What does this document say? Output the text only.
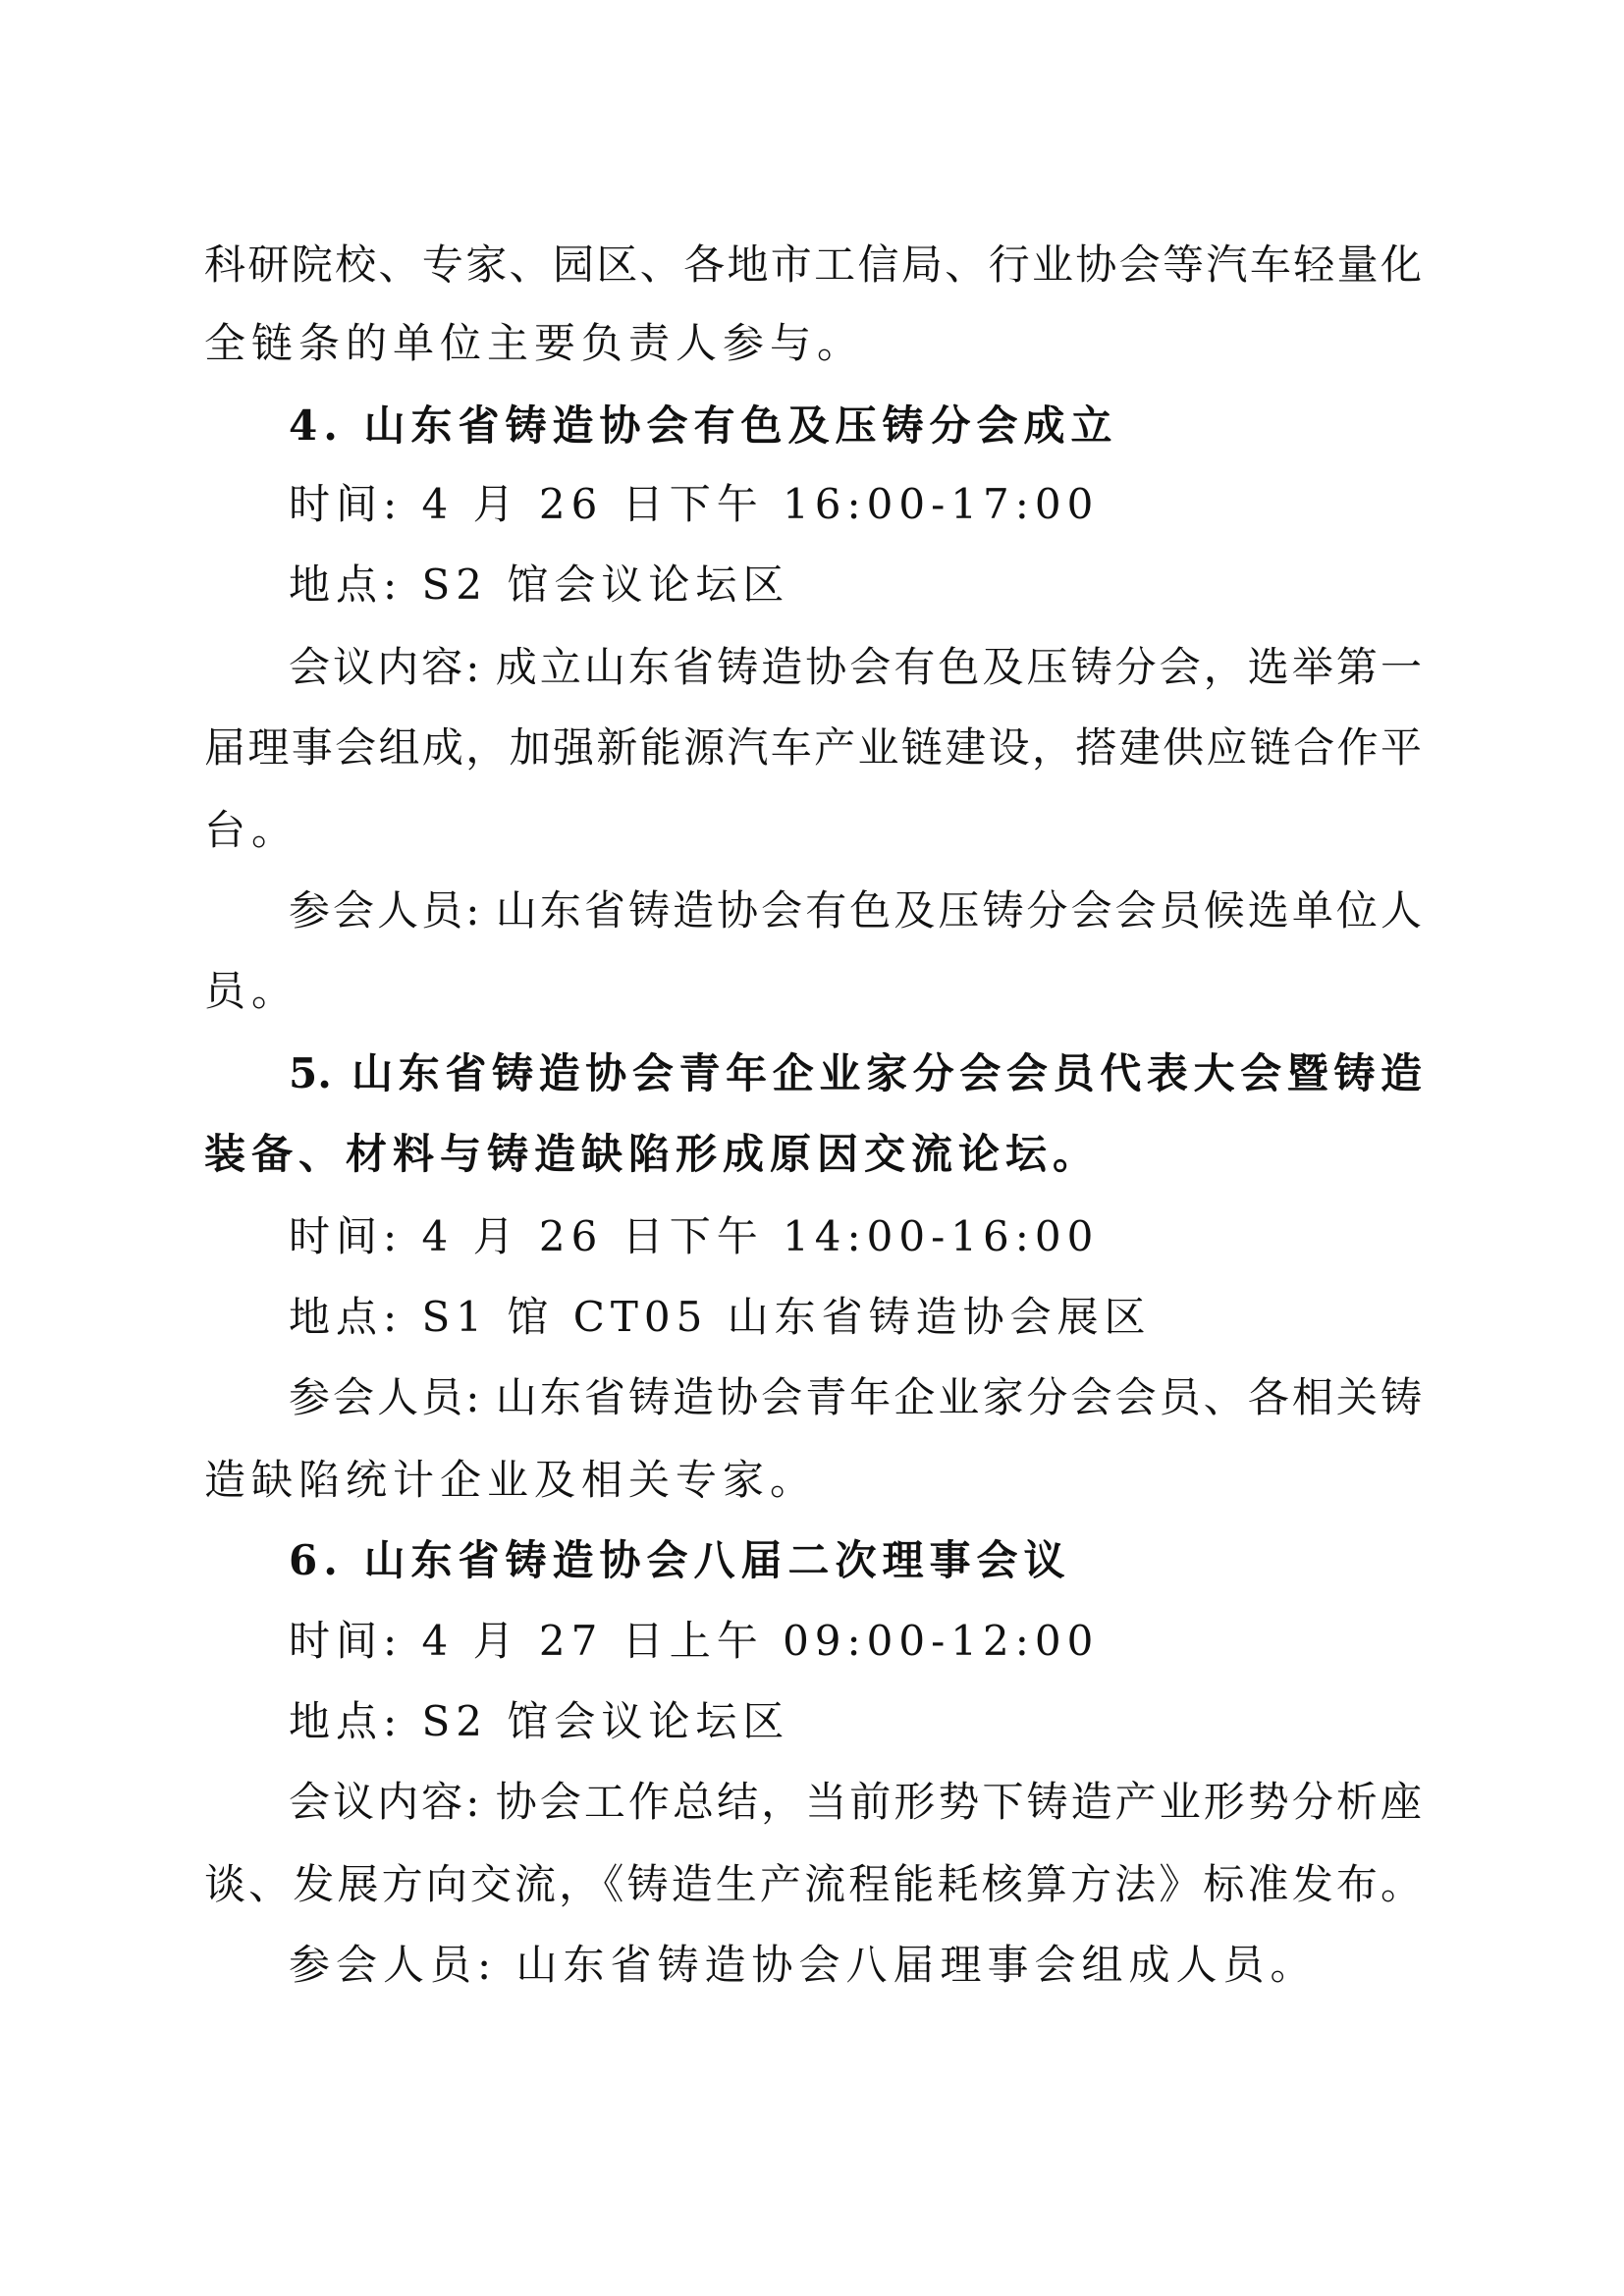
科研院校、专家、园区、各地市工信局、行业协会等汽车轻量化
全链条的单位主要负责人参与。
4. 山东省铸造协会有色及压铸分会成立
时间: 4 月 26 日下午 16:00-17:00
地点: S2 馆会议论坛区
会议内容: 成立山东省铸造协会有色及压铸分会，选举第一
届理事会组成，加强新能源汽车产业链建设，搭建供应链合作平
台。
参会人员: 山东省铸造协会有色及压铸分会会员候选单位人
员。
5. 山东省铸造协会青年企业家分会会员代表大会暨铸造
装备、材料与铸造缺陷形成原因交流论坛。
时间: 4 月 26 日下午 14:00-16:00
地点: S1 馆 CT05 山东省铸造协会展区
参会人员: 山东省铸造协会青年企业家分会会员、各相关铸
造缺陷统计企业及相关专家。
6. 山东省铸造协会八届二次理事会议
时间: 4 月 27 日上午 09:00-12:00
地点: S2 馆会议论坛区
会议内容: 协会工作总结，当前形势下铸造产业形势分析座
谈、发展方向交流，《铸造生产流程能耗核算方法》标准发布。
参会人员: 山东省铸造协会八届理事会组成人员。
